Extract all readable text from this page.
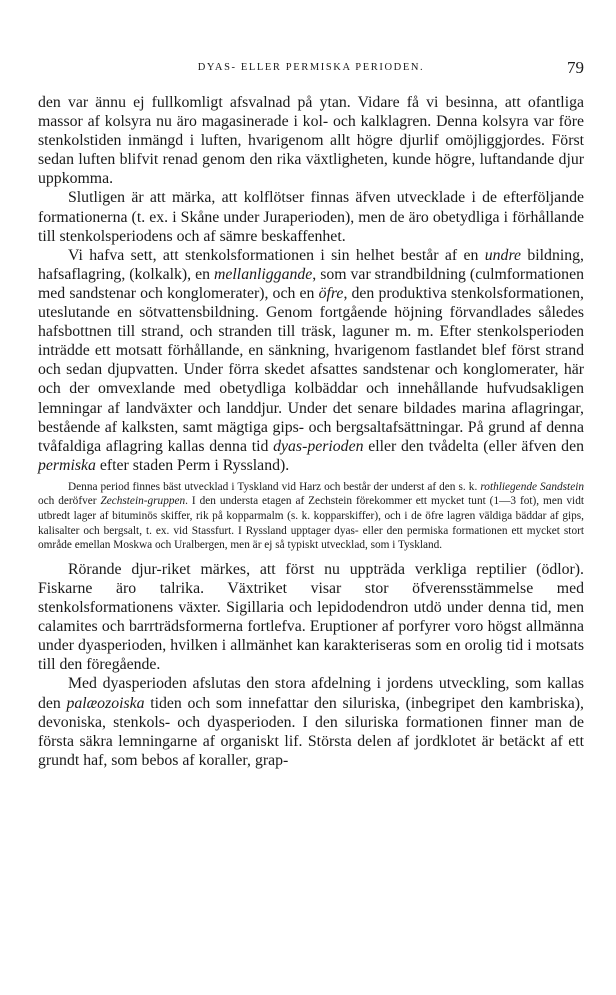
DYAS- ELLER PERMISKA PERIODEN.	79

den var ännu ej fullkomligt afsvalnad på ytan. Vidare få vi besinna, att ofantliga massor af kolsyra nu äro magasinerade i kol- och kalklagren. Denna kolsyra var före stenkolstiden inmängd i luften, hvarigenom allt högre djurlif omöjliggjordes. Först sedan luften blifvit renad genom den rika växtligheten, kunde högre, luftandande djur uppkomma.

Slutligen är att märka, att kolflötser finnas äfven utvecklade i de efterföljande formationerna (t. ex. i Skåne under Juraperioden), men de äro obetydliga i förhållande till stenkolsperiodens och af sämre beskaffenhet.

Vi hafva sett, att stenkolsformationen i sin helhet består af en undre bildning, hafsaflagring, (kolkalk), en mellanliggande, som var strandbildning (culmformationen med sandstenar och konglomerater), och en öfre, den produktiva stenkolsformationen, uteslutande en sötvattensbildning. Genom fortgående höjning förvandlades således hafsbottnen till strand, och stranden till träsk, laguner m. m. Efter stenkolsperioden inträdde ett motsatt förhållande, en sänkning, hvarigenom fastlandet blef först strand och sedan djupvatten. Under förra skedet afsattes sandstenar och konglomerater, här och der omvexlande med obetydliga kolbäddar och innehållande hufvudsakligen lemningar af landväxter och landdjur. Under det senare bildades marina aflagringar, bestående af kalksten, samt mägtiga gips- och bergsaltafsättningar. På grund af denna tvåfaldiga aflagring kallas denna tid dyas-perioden eller den tvådelta (eller äfven den permiska efter staden Perm i Ryssland).

Denna period finnes bäst utvecklad i Tyskland vid Harz och består der underst af den s. k. rothliegende Sandstein och deröfver Zechstein-gruppen. I den understa etagen af Zechstein förekommer ett mycket tunt (1—3 fot), men vidt utbredt lager af bituminös skiffer, rik på kopparmalm (s. k. kopparskiffer), och i de öfre lagren väldiga bäddar af gips, kalisalter och bergsalt, t. ex. vid Stassfurt. I Ryssland upptager dyas- eller den permiska formationen ett mycket stort område emellan Moskwa och Uralbergen, men är ej så typiskt utvecklad, som i Tyskland.

Rörande djur-riket märkes, att först nu uppträda verkliga reptilier (ödlor). Fiskarne äro talrika. Växtriket visar stor öfverensstämmelse med stenkolsformationens växter. Sigillaria och lepidodendron utdö under denna tid, men calamites och barrträdsformerna fortlefva. Eruptioner af porfyrer voro högst allmänna under dyasperioden, hvilken i allmänhet kan karakteriseras som en orolig tid i motsats till den föregående.

Med dyasperioden afslutas den stora afdelning i jordens utveckling, som kallas den palæozoiska tiden och som innefattar den siluriska, (inbegripet den kambriska), devoniska, stenkols- och dyasperioden. I den siluriska formationen finner man de första säkra lemningarne af organiskt lif. Största delen af jordklotet är betäckt af ett grundt haf, som bebos af koraller, grap-
